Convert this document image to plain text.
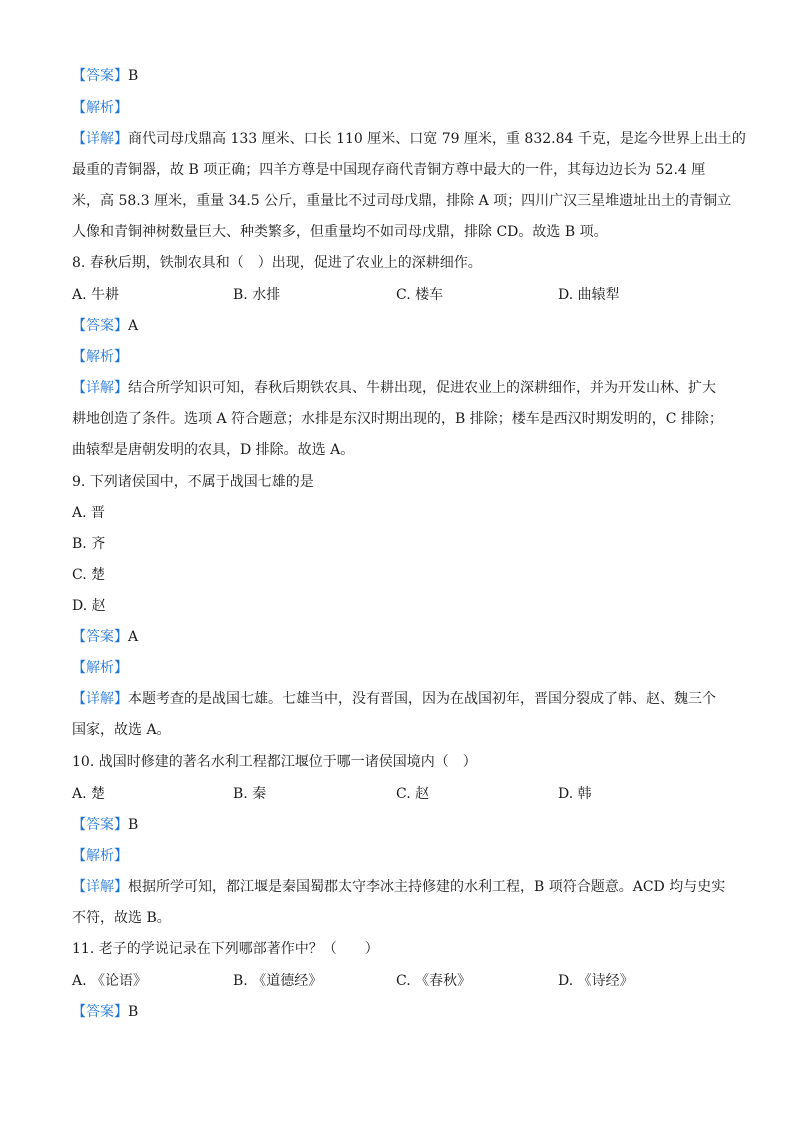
【答案】B
【解析】
【详解】商代司母戊鼎高 133 厘米、口长 110 厘米、口宽 79 厘米，重 832.84 千克，是迄今世界上出土的
最重的青铜器，故 B 项正确；四羊方尊是中国现存商代青铜方尊中最大的一件，其每边边长为 52.4 厘
米，高 58.3 厘米，重量 34.5 公斤，重量比不过司母戊鼎，排除 A 项；四川广汉三星堆遗址出土的青铜立
人像和青铜神树数量巨大、种类繁多，但重量均不如司母戊鼎，排除 CD。故选 B 项。
8. 春秋后期，铁制农具和（　）出现，促进了农业上的深耕细作。
A. 牛耕	B. 水排	C. 楼车	D. 曲辕犁
【答案】A
【解析】
【详解】结合所学知识可知，春秋后期铁农具、牛耕出现，促进农业上的深耕细作，并为开发山林、扩大
耕地创造了条件。选项 A 符合题意；水排是东汉时期出现的，B 排除；楼车是西汉时期发明的，C 排除；
曲辕犁是唐朝发明的农具，D 排除。故选 A。
9. 下列诸侯国中，不属于战国七雄的是
A. 晋
B. 齐
C. 楚
D. 赵
【答案】A
【解析】
【详解】本题考查的是战国七雄。七雄当中，没有晋国，因为在战国初年，晋国分裂成了韩、赵、魏三个
国家，故选 A。
10. 战国时修建的著名水利工程都江堰位于哪一诸侯国境内（　）
A. 楚	B. 秦	C. 赵	D. 韩
【答案】B
【解析】
【详解】根据所学可知，都江堰是秦国蜀郡太守李冰主持修建的水利工程，B 项符合题意。ACD 均与史实
不符，故选 B。
11. 老子的学说记录在下列哪部著作中？（　　）
A. 《论语》	B. 《道德经》	C. 《春秋》	D. 《诗经》
【答案】B
